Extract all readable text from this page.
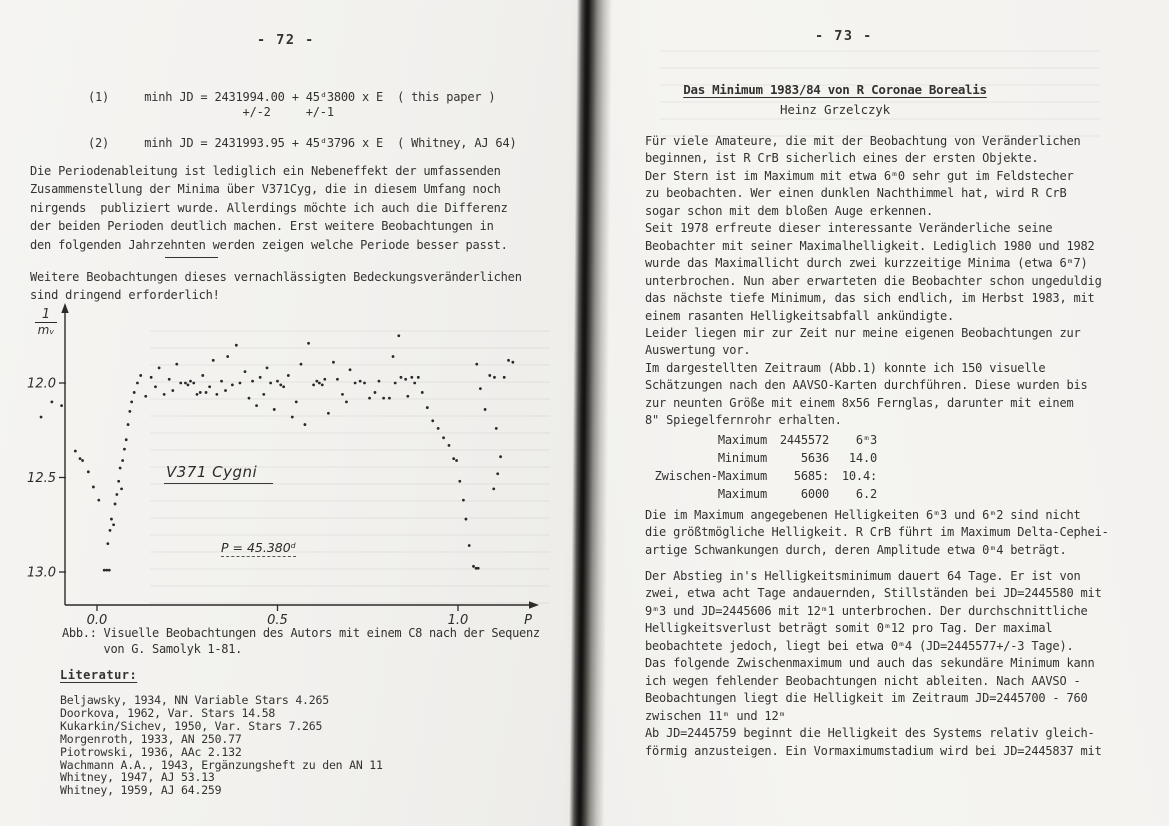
- 72 -
(1)     minh JD = 2431994.00 + 45ᵈ3800 x E  ( this paper )
+/-2     +/-1
(2)     minh JD = 2431993.95 + 45ᵈ3796 x E  ( Whitney, AJ 64)
Die Periodenableitung ist lediglich ein Nebeneffekt der umfassenden
Zusammenstellung der Minima über V371Cyg, die in diesem Umfang noch
nirgends  publiziert wurde. Allerdings möchte ich auch die Differenz
der beiden Perioden deutlich machen. Erst weitere Beobachtungen in
den folgenden Jahrzehnten werden zeigen welche Periode besser passt.
Weitere Beobachtungen dieses vernachlässigten Bedeckungsveränderlichen
sind dringend erforderlich!
12.0
12.5
13.0
0.0	0.5	1.0	P
1
mᵥ
V371 Cygni
P = 45.380ᵈ
Abb.: Visuelle Beobachtungen des Autors mit einem C8 nach der Sequenz
von G. Samolyk 1-81.
Literatur:
Beljawsky, 1934, NN Variable Stars 4.265
Doorkova, 1962, Var. Stars 14.58
Kukarkin/Sichev, 1950, Var. Stars 7.265
Morgenroth, 1933, AN 250.77
Piotrowski, 1936, AAc 2.132
Wachmann A.A., 1943, Ergänzungsheft zu den AN 11
Whitney, 1947, AJ 53.13
Whitney, 1959, AJ 64.259
- 73 -
Das Minimum 1983/84 von R Coronae Borealis
Heinz Grzelczyk
Für viele Amateure, die mit der Beobachtung von Veränderlichen
beginnen, ist R CrB sicherlich eines der ersten Objekte.
Der Stern ist im Maximum mit etwa 6ᵐ0 sehr gut im Feldstecher
zu beobachten. Wer einen dunklen Nachthimmel hat, wird R CrB
sogar schon mit dem bloßen Auge erkennen.
Seit 1978 erfreute dieser interessante Veränderliche seine
Beobachter mit seiner Maximalhelligkeit. Lediglich 1980 und 1982
wurde das Maximallicht durch zwei kurzzeitige Minima (etwa 6ᵐ7)
unterbrochen. Nun aber erwarteten die Beobachter schon ungeduldig
das nächste tiefe Minimum, das sich endlich, im Herbst 1983, mit
einem rasanten Helligkeitsabfall ankündigte.
Leider liegen mir zur Zeit nur meine eigenen Beobachtungen zur
Auswertung vor.
Im dargestellten Zeitraum (Abb.1) konnte ich 150 visuelle
Schätzungen nach den AAVSO-Karten durchführen. Diese wurden bis
zur neunten Größe mit einem 8x56 Fernglas, darunter mit einem
8" Spiegelfernrohr erhalten.
Maximum	2445572	6ᵐ3
Minimum	5636	14.0
Zwischen-Maximum	5685:	10.4:
Maximum	6000	6.2
Die im Maximum angegebenen Helligkeiten 6ᵐ3 und 6ᵐ2 sind nicht
die größtmögliche Helligkeit. R CrB führt im Maximum Delta-Cephei-
artige Schwankungen durch, deren Amplitude etwa 0ᵐ4 beträgt.
Der Abstieg in's Helligkeitsminimum dauert 64 Tage. Er ist von
zwei, etwa acht Tage andauernden, Stillständen bei JD=2445580 mit
9ᵐ3 und JD=2445606 mit 12ᵐ1 unterbrochen. Der durchschnittliche
Helligkeitsverlust beträgt somit 0ᵐ12 pro Tag. Der maximal
beobachtete jedoch, liegt bei etwa 0ᵐ4 (JD=2445577+/-3 Tage).
Das folgende Zwischenmaximum und auch das sekundäre Minimum kann
ich wegen fehlender Beobachtungen nicht ableiten. Nach AAVSO -
Beobachtungen liegt die Helligkeit im Zeitraum JD=2445700 - 760
zwischen 11ᵐ und 12ᵐ
Ab JD=2445759 beginnt die Helligkeit des Systems relativ gleich-
förmig anzusteigen. Ein Vormaximumstadium wird bei JD=2445837 mit
